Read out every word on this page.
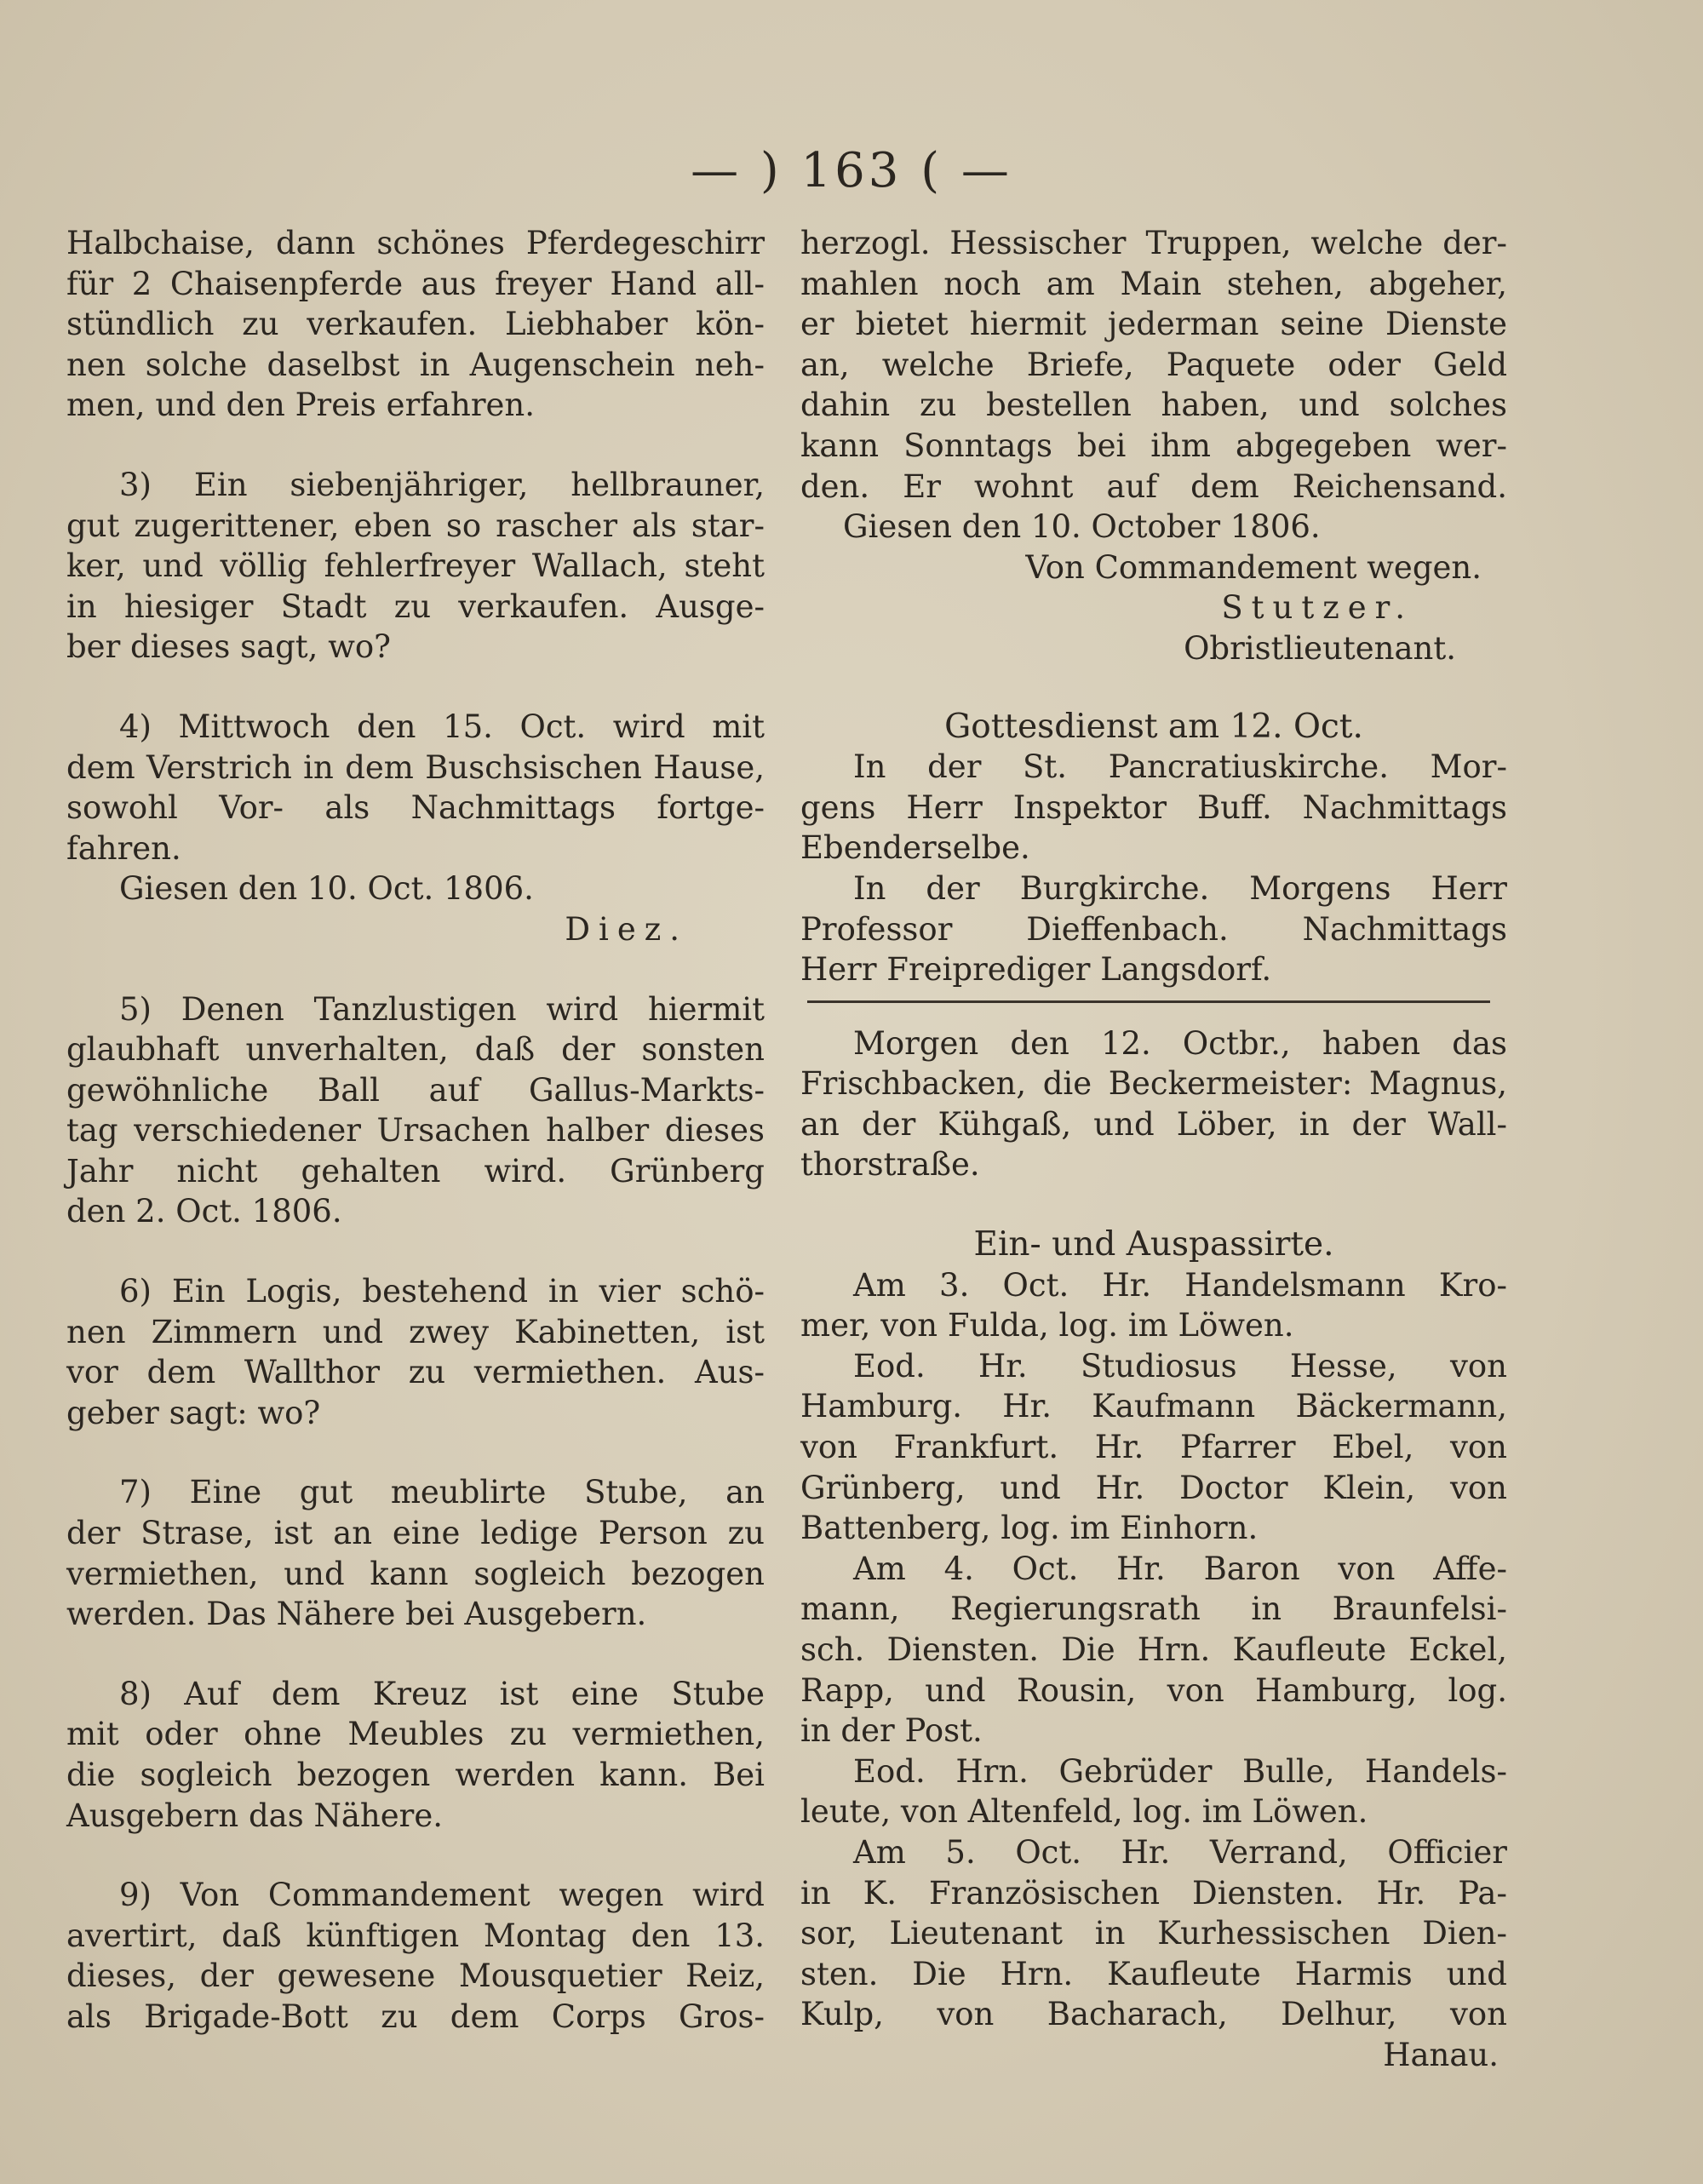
— ) 163 ( —
Halbchaise, dann schönes Pferdegeschirr
für 2 Chaisenpferde aus freyer Hand all-
stündlich zu verkaufen. Liebhaber kön-
nen solche daselbst in Augenschein neh-
men, und den Preis erfahren.
3) Ein siebenjähriger, hellbrauner,
gut zugerittener, eben so rascher als star-
ker, und völlig fehlerfreyer Wallach, steht
in hiesiger Stadt zu verkaufen. Ausge-
ber dieses sagt, wo?
4) Mittwoch den 15. Oct. wird mit
dem Verstrich in dem Buschsischen Hause,
sowohl Vor- als Nachmittags fortge-
fahren.
Giesen den 10. Oct. 1806.
Diez.
5) Denen Tanzlustigen wird hiermit
glaubhaft unverhalten, daß der sonsten
gewöhnliche Ball auf Gallus-Markts-
tag verschiedener Ursachen halber dieses
Jahr nicht gehalten wird. Grünberg
den 2. Oct. 1806.
6) Ein Logis, bestehend in vier schö-
nen Zimmern und zwey Kabinetten, ist
vor dem Wallthor zu vermiethen. Aus-
geber sagt: wo?
7) Eine gut meublirte Stube, an
der Strase, ist an eine ledige Person zu
vermiethen, und kann sogleich bezogen
werden. Das Nähere bei Ausgebern.
8) Auf dem Kreuz ist eine Stube
mit oder ohne Meubles zu vermiethen,
die sogleich bezogen werden kann. Bei
Ausgebern das Nähere.
9) Von Commandement wegen wird
avertirt, daß künftigen Montag den 13.
dieses, der gewesene Mousquetier Reiz,
als Brigade-Bott zu dem Corps Gros-
herzogl. Hessischer Truppen, welche der-
mahlen noch am Main stehen, abgeher,
er bietet hiermit jederman seine Dienste
an, welche Briefe, Paquete oder Geld
dahin zu bestellen haben, und solches
kann Sonntags bei ihm abgegeben wer-
den. Er wohnt auf dem Reichensand.
Giesen den 10. October 1806.
Von Commandement wegen.
Stutzer.
Obristlieutenant.
Gottesdienst am 12. Oct.
In der St. Pancratiuskirche. Mor-
gens Herr Inspektor Buff. Nachmittags
Ebenderselbe.
In der Burgkirche. Morgens Herr
Professor Dieffenbach. Nachmittags
Herr Freiprediger Langsdorf.
Morgen den 12. Octbr., haben das
Frischbacken, die Beckermeister: Magnus,
an der Kühgaß, und Löber, in der Wall-
thorstraße.
Ein- und Auspassirte.
Am 3. Oct. Hr. Handelsmann Kro-
mer, von Fulda, log. im Löwen.
Eod. Hr. Studiosus Hesse, von
Hamburg. Hr. Kaufmann Bäckermann,
von Frankfurt. Hr. Pfarrer Ebel, von
Grünberg, und Hr. Doctor Klein, von
Battenberg, log. im Einhorn.
Am 4. Oct. Hr. Baron von Affe-
mann, Regierungsrath in Braunfelsi-
sch. Diensten. Die Hrn. Kaufleute Eckel,
Rapp, und Rousin, von Hamburg, log.
in der Post.
Eod. Hrn. Gebrüder Bulle, Handels-
leute, von Altenfeld, log. im Löwen.
Am 5. Oct. Hr. Verrand, Officier
in K. Französischen Diensten. Hr. Pa-
sor, Lieutenant in Kurhessischen Dien-
sten. Die Hrn. Kaufleute Harmis und
Kulp, von Bacharach, Delhur, von
Hanau.
